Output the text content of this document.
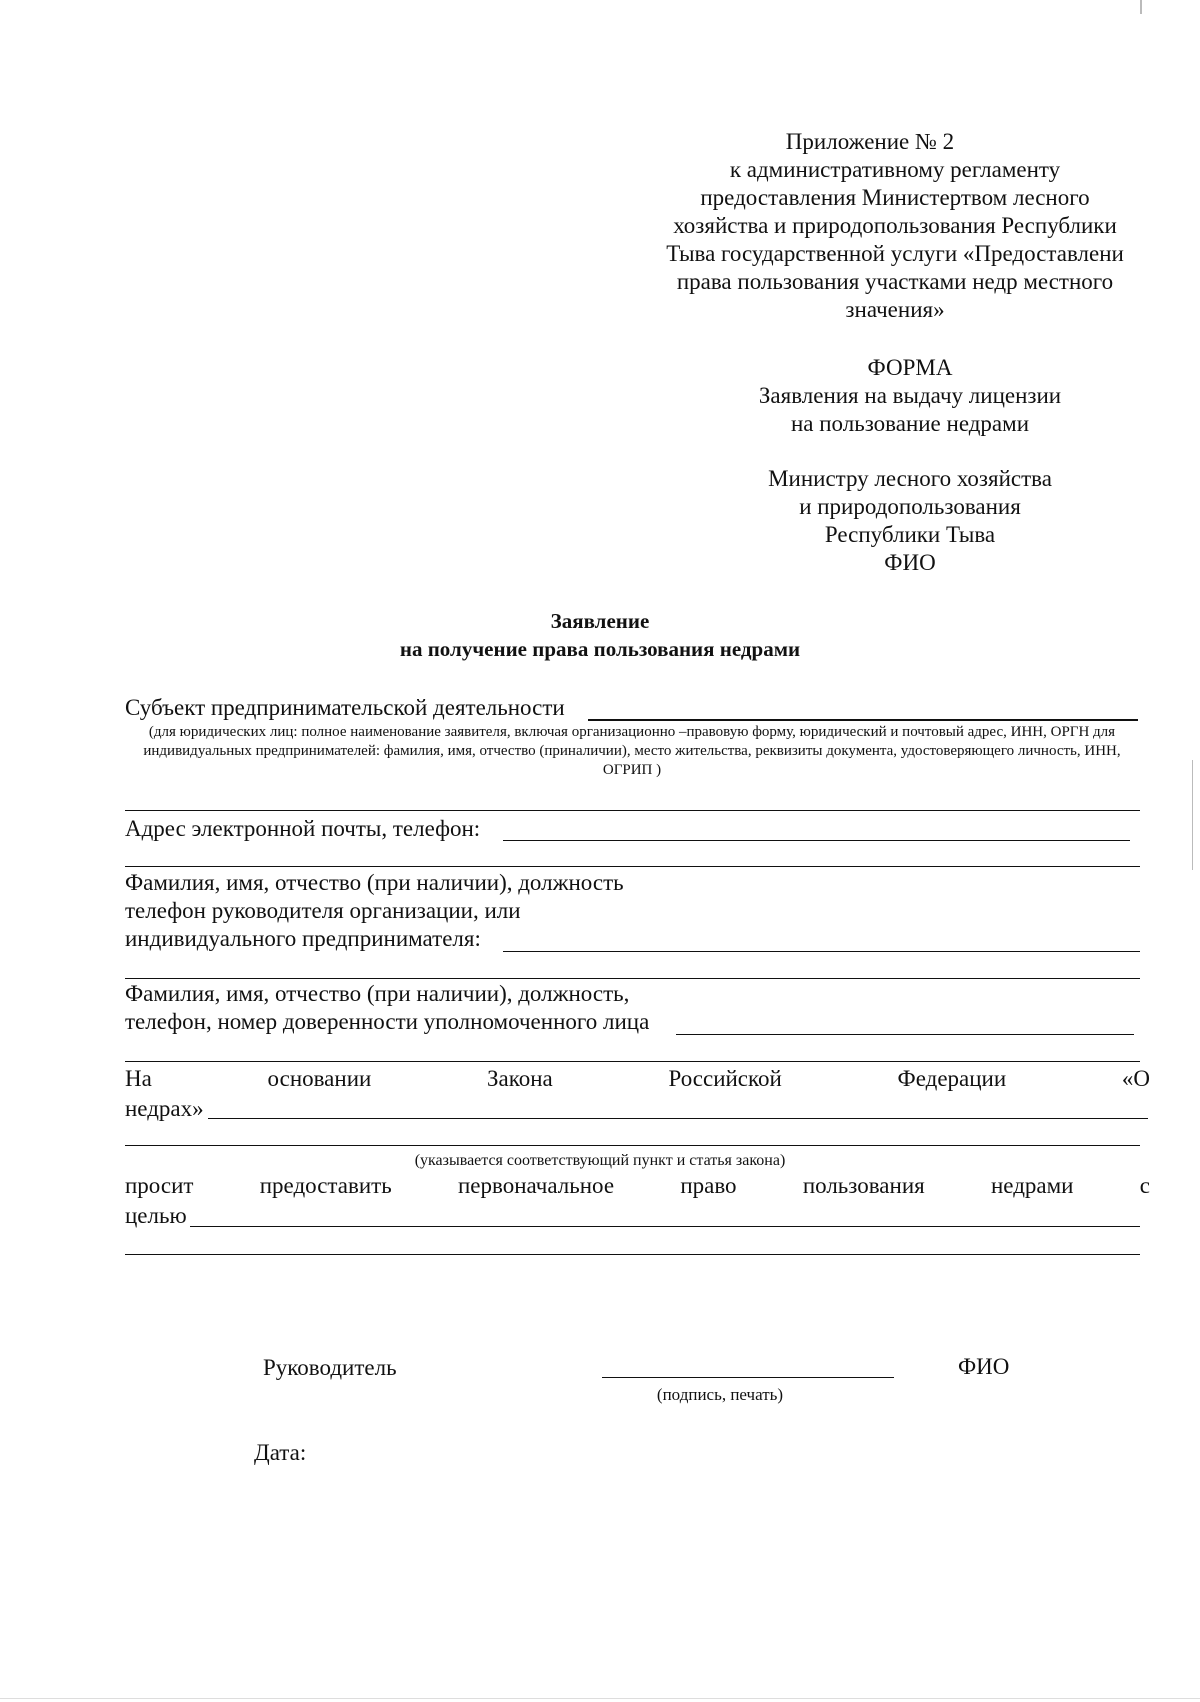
Приложение № 2
к административному регламенту
предоставления Министертвом лесного
хозяйства и природопользования Республики
Тыва государственной услуги «Предоставлени
права пользования участками недр местного
значения»
ФОРМА
Заявления на выдачу лицензии
на пользование недрами
Министру лесного хозяйства
и природопользования
Республики Тыва
ФИО
Заявление
на получение права пользования недрами
Субъект предпринимательской деятельности
(для юридических лиц: полное наименование заявителя, включая организационно –правовую форму, юридический и почтовый адрес, ИНН, ОРГН для индивидуальных предпринимателей: фамилия, имя, отчество (приналичии), место жительства, реквизиты документа, удостоверяющего личность, ИНН, ОГРИП )
Адрес электронной почты, телефон:
Фамилия, имя, отчество (при наличии), должность
телефон руководителя организации, или
индивидуального предпринимателя:
Фамилия, имя, отчество (при наличии), должность,
телефон, номер доверенности уполномоченного лица
На	основании	Закона	Российской	Федерации	«О
недрах»
(указывается соответствующий пункт и статья закона)
просит	предоставить	первоначальное	право	пользования	недрами	с
целью
Руководитель
(подпись, печать)
ФИО
Дата:
